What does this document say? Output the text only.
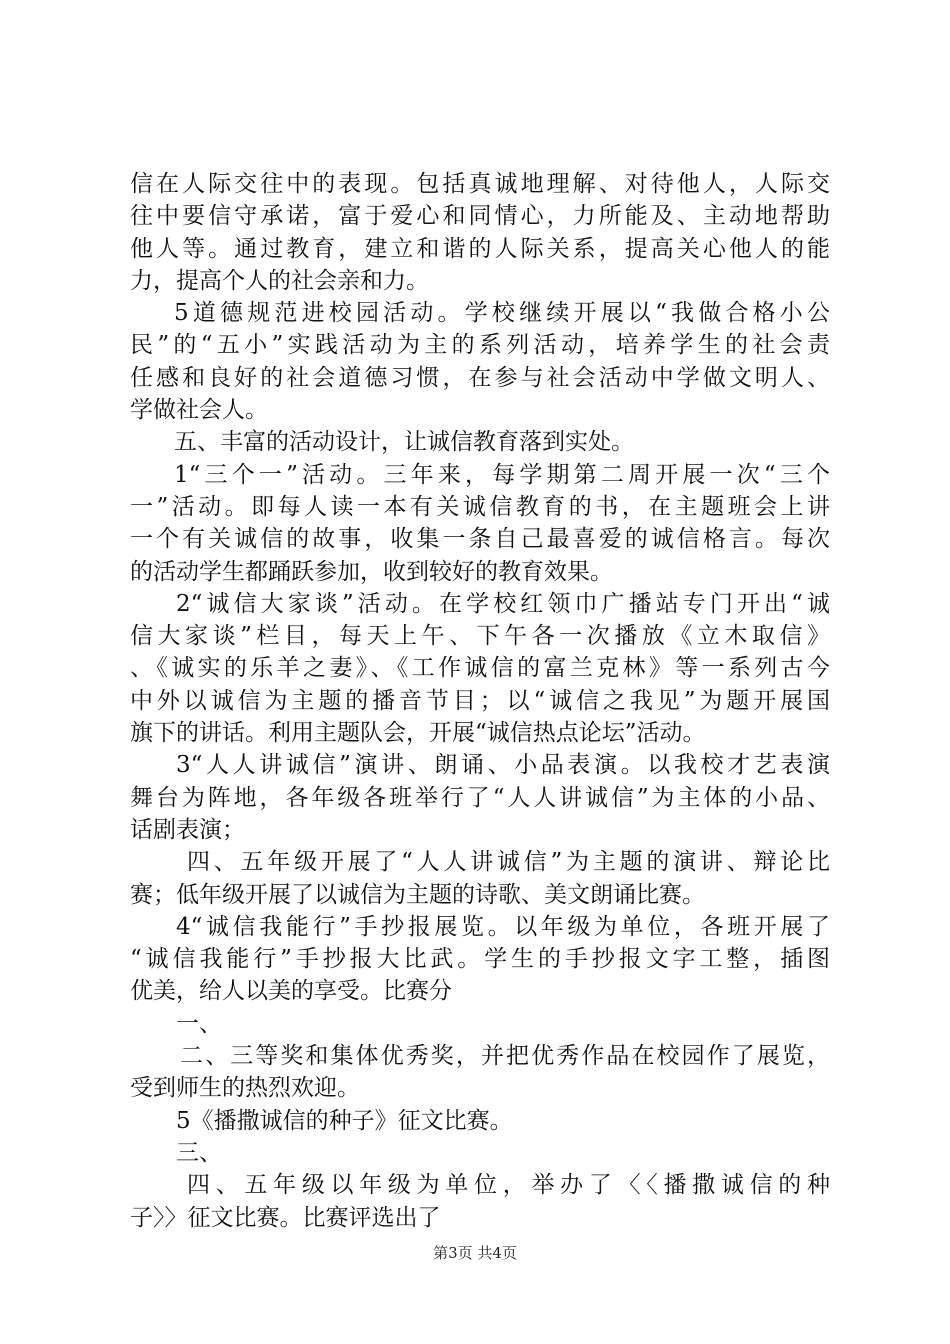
信在人际交往中的表现。包括真诚地理解、对待他人，人际交
往中要信守承诺，富于爱心和同情心，力所能及、主动地帮助
他人等。通过教育，建立和谐的人际关系，提高关心他人的能
力，提高个人的社会亲和力。
5道德规范进校园活动。学校继续开展以“我做合格小公
民”的“五小”实践活动为主的系列活动，培养学生的社会责
任感和良好的社会道德习惯，在参与社会活动中学做文明人、
学做社会人。
五、丰富的活动设计，让诚信教育落到实处。
1“三个一”活动。三年来，每学期第二周开展一次“三个
一”活动。即每人读一本有关诚信教育的书，在主题班会上讲
一个有关诚信的故事，收集一条自己最喜爱的诚信格言。每次
的活动学生都踊跃参加，收到较好的教育效果。
2“诚信大家谈”活动。在学校红领巾广播站专门开出“诚
信大家谈”栏目，每天上午、下午各一次播放《立木取信》
、《诚实的乐羊之妻》、《工作诚信的富兰克林》等一系列古今
中外以诚信为主题的播音节目；以“诚信之我见”为题开展国
旗下的讲话。利用主题队会，开展“诚信热点论坛”活动。
3“人人讲诚信”演讲、朗诵、小品表演。以我校才艺表演
舞台为阵地，各年级各班举行了“人人讲诚信”为主体的小品、
话剧表演；
四、五年级开展了“人人讲诚信”为主题的演讲、辩论比
赛；低年级开展了以诚信为主题的诗歌、美文朗诵比赛。
4“诚信我能行”手抄报展览。以年级为单位，各班开展了
“诚信我能行”手抄报大比武。学生的手抄报文字工整，插图
优美，给人以美的享受。比赛分
一、
二、三等奖和集体优秀奖，并把优秀作品在校园作了展览，
受到师生的热烈欢迎。
5《播撒诚信的种子》征文比赛。
三、
四、五年级以年级为单位，举办了〈〈播撒诚信的种
子〉〉征文比赛。比赛评选出了
第3页 共4页
